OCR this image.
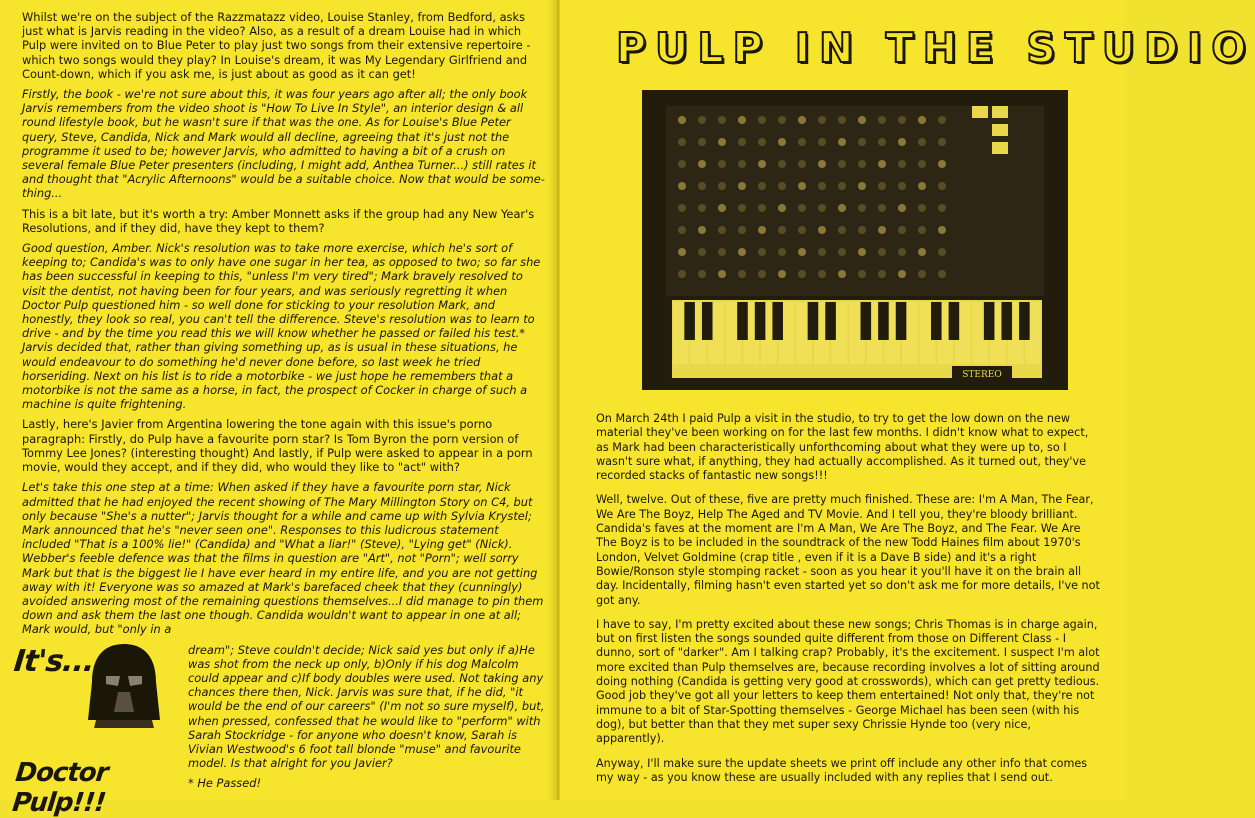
Whilst we're on the subject of the Razzmatazz video, Louise Stanley, from Bedford, asks just what is Jarvis reading in the video? Also, as a result of a dream Louise had in which Pulp were invited on to Blue Peter to play just two songs from their extensive repertoire - which two songs would they play? In Louise's dream, it was My Legendary Girlfriend and Count-down, which if you ask me, is just about as good as it can get!

Firstly, the book - we're not sure about this, it was four years ago after all; the only book Jarvis remembers from the video shoot is "How To Live In Style", an interior design & all round lifestyle book, but he wasn't sure if that was the one. As for Louise's Blue Peter query, Steve, Candida, Nick and Mark would all decline, agreeing that it's just not the programme it used to be; however Jarvis, who admitted to having a bit of a crush on several female Blue Peter presenters (including, I might add, Anthea Turner...) still rates it and thought that "Acrylic Afternoons" would be a suitable choice. Now that would be some-thing...

This is a bit late, but it's worth a try: Amber Monnett asks if the group had any New Year's Resolutions, and if they did, have they kept to them?

Good question, Amber. Nick's resolution was to take more exercise, which he's sort of keeping to; Candida's was to only have one sugar in her tea, as opposed to two; so far she has been successful in keeping to this, "unless I'm very tired"; Mark bravely resolved to visit the dentist, not having been for four years, and was seriously regretting it when Doctor Pulp questioned him - so well done for sticking to your resolution Mark, and honestly, they look so real, you can't tell the difference. Steve's resolution was to learn to drive - and by the time you read this we will know whether he passed or failed his test.* Jarvis decided that, rather than giving something up, as is usual in these situations, he would endeavour to do something he'd never done before, so last week he tried horseriding. Next on his list is to ride a motorbike - we just hope he remembers that a motorbike is not the same as a horse, in fact, the prospect of Cocker in charge of such a machine is quite frightening.

Lastly, here's Javier from Argentina lowering the tone again with this issue's porno paragraph: Firstly, do Pulp have a favourite porn star? Is Tom Byron the porn version of Tommy Lee Jones? (interesting thought) And lastly, if Pulp were asked to appear in a porn movie, would they accept, and if they did, who would they like to "act" with?

Let's take this one step at a time: When asked if they have a favourite porn star, Nick admitted that he had enjoyed the recent showing of The Mary Millington Story on C4, but only because "She's a nutter"; Jarvis thought for a while and came up with Sylvia Krystel; Mark announced that he's "never seen one". Responses to this ludicrous statement included "That is a 100% lie!" (Candida) and "What a liar!" (Steve), "Lying get" (Nick). Webber's feeble defence was that the films in question are "Art", not "Porn"; well sorry Mark but that is the biggest lie I have ever heard in my entire life, and you are not getting away with it! Everyone was so amazed at Mark's barefaced cheek that they (cunningly) avoided answering most of the remaining questions themselves...I did manage to pin them down and ask them the last one though. Candida wouldn't want to appear in one at all; Mark would, but "only in a

dream"; Steve couldn't decide; Nick said yes but only if a)He was shot from the neck up only, b)Only if his dog Malcolm could appear and c)If body doubles were used. Not taking any chances there then, Nick. Jarvis was sure that, if he did, "it would be the end of our careers" (I'm not so sure myself), but, when pressed, confessed that he would like to "perform" with Sarah Stockridge - for anyone who doesn't know, Sarah is Vivian Westwood's 6 foot tall blonde "muse" and favourite model. Is that alright for you Javier?

* He Passed!

It's...
Doctor Pulp!!!
PULP IN THE STUDIO
STEREO

On March 24th I paid Pulp a visit in the studio, to try to get the low down on the new material they've been working on for the last few months. I didn't know what to expect, as Mark had been characteristically unforthcoming about what they were up to, so I wasn't sure what, if anything, they had actually accomplished. As it turned out, they've recorded stacks of fantastic new songs!!!

Well, twelve. Out of these, five are pretty much finished. These are: I'm A Man, The Fear, We Are The Boyz, Help The Aged and TV Movie. And I tell you, they're bloody brilliant. Candida's faves at the moment are I'm A Man, We Are The Boyz, and The Fear. We Are The Boyz is to be included in the soundtrack of the new Todd Haines film about 1970's London, Velvet Goldmine (crap title , even if it is a Dave B side) and it's a right Bowie/Ronson style stomping racket - soon as you hear it you'll have it on the brain all day. Incidentally, filming hasn't even started yet so don't ask me for more details, I've not got any.

I have to say, I'm pretty excited about these new songs; Chris Thomas is in charge again, but on first listen the songs sounded quite different from those on Different Class - I dunno, sort of "darker". Am I talking crap? Probably, it's the excitement. I suspect I'm alot more excited than Pulp themselves are, because recording involves a lot of sitting around doing nothing (Candida is getting very good at crosswords), which can get pretty tedious. Good job they've got all your letters to keep them entertained! Not only that, they're not immune to a bit of Star-Spotting themselves - George Michael has been seen (with his dog), but better than that they met super sexy Chrissie Hynde too (very nice, apparently).

Anyway, I'll make sure the update sheets we print off include any other info that comes my way - as you know these are usually included with any replies that I send out.
